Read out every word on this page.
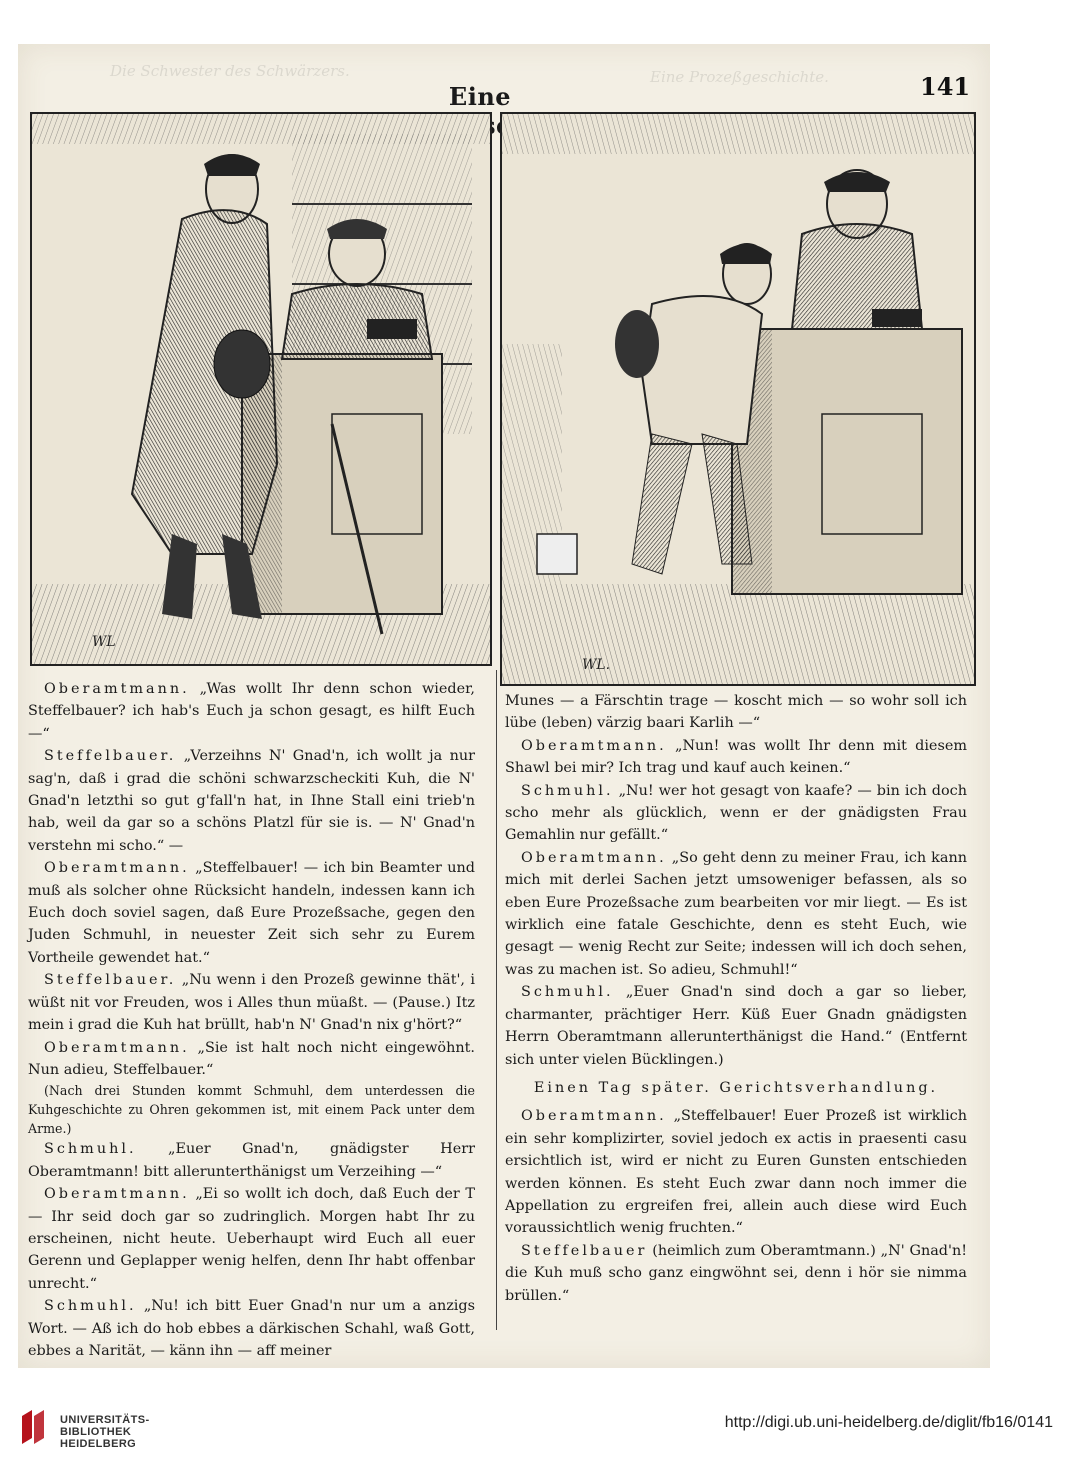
Die Schwester des Schwärzers.	Eine Prozeßgeschichte.
Eine	141
WL
WL.

Oberamtmann. „Was wollt Ihr denn schon wieder, Steffelbauer? ich hab's Euch ja schon gesagt, es hilft Euch —“

Steffelbauer. „Verzeihns N' Gnad'n, ich wollt ja nur sag'n, daß i grad die schöni schwarzscheckiti Kuh, die N' Gnad'n letzthi so gut g'fall'n hat, in Ihne Stall eini trieb'n hab, weil da gar so a schöns Platzl für sie is. — N' Gnad'n verstehn mi scho.“ —

Oberamtmann. „Steffelbauer! — ich bin Beamter und muß als solcher ohne Rücksicht handeln, indessen kann ich Euch doch soviel sagen, daß Eure Prozeßsache, gegen den Juden Schmuhl, in neuester Zeit sich sehr zu Eurem Vortheile gewendet hat.“

Steffelbauer. „Nu wenn i den Prozeß gewinne thät', i wüßt nit vor Freuden, wos i Alles thun müaßt. — (Pause.) Itz mein i grad die Kuh hat brüllt, hab'n N' Gnad'n nix g'hört?“

Oberamtmann. „Sie ist halt noch nicht eingewöhnt. Nun adieu, Steffelbauer.“

(Nach drei Stunden kommt Schmuhl, dem unterdessen die Kuhgeschichte zu Ohren gekommen ist, mit einem Pack unter dem Arme.)

Schmuhl. „Euer Gnad'n, gnädigster Herr Oberamtmann! bitt allerunterthänigst um Verzeihing —“

Oberamtmann. „Ei so wollt ich doch, daß Euch der T — Ihr seid doch gar so zudringlich. Morgen habt Ihr zu erscheinen, nicht heute. Ueberhaupt wird Euch all euer Gerenn und Geplapper wenig helfen, denn Ihr habt offenbar unrecht.“

Schmuhl. „Nu! ich bitt Euer Gnad'n nur um a anzigs Wort. — Aß ich do hob ebbes a därkischen Schahl, waß Gott, ebbes a Narität, — känn ihn — aff meiner

Munes — a Färschtin trage — koscht mich — so wohr soll ich lübe (leben) värzig baari Karlih —“

Oberamtmann. „Nun! was wollt Ihr denn mit diesem Shawl bei mir? Ich trag und kauf auch keinen.“

Schmuhl. „Nu! wer hot gesagt von kaafe? — bin ich doch scho mehr als glücklich, wenn er der gnädigsten Frau Gemahlin nur gefällt.“

Oberamtmann. „So geht denn zu meiner Frau, ich kann mich mit derlei Sachen jetzt umsoweniger befassen, als so eben Eure Prozeßsache zum bearbeiten vor mir liegt. — Es ist wirklich eine fatale Geschichte, denn es steht Euch, wie gesagt — wenig Recht zur Seite; indessen will ich doch sehen, was zu machen ist. So adieu, Schmuhl!“

Schmuhl. „Euer Gnad'n sind doch a gar so lieber, charmanter, prächtiger Herr. Küß Euer Gnadn gnädigsten Herrn Oberamtmann allerunterthänigst die Hand.“ (Entfernt sich unter vielen Bücklingen.)

Einen Tag später. Gerichtsverhandlung.

Oberamtmann. „Steffelbauer! Euer Prozeß ist wirklich ein sehr komplizirter, soviel jedoch ex actis in praesenti casu ersichtlich ist, wird er nicht zu Euren Gunsten entschieden werden können. Es steht Euch zwar dann noch immer die Appellation zu ergreifen frei, allein auch diese wird Euch voraussichtlich wenig fruchten.“

Steffelbauer (heimlich zum Oberamtmann.) „N' Gnad'n! die Kuh muß scho ganz eingwöhnt sei, denn i hör sie nimma brüllen.“

UNIVERSITÄTS-
BIBLIOTHEK
HEIDELBERG
http://digi.ub.uni-heidelberg.de/diglit/fb16/0141
